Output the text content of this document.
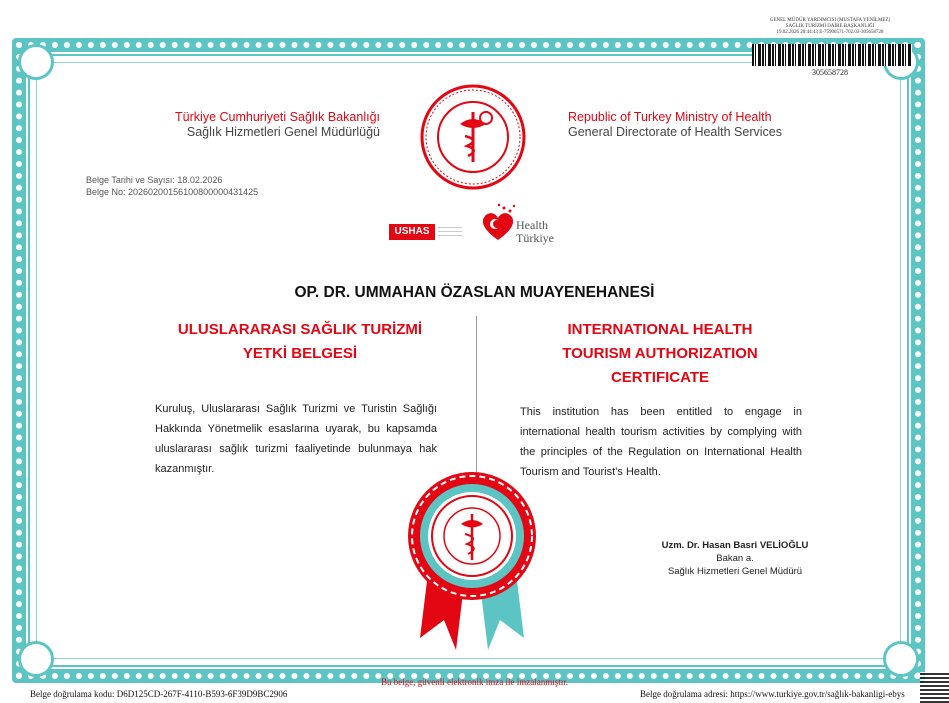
GENEL MÜDÜR YARDIMCISI (MUSTAFA YENİLMEZ)
SAĞLIK TURİZMİ DAİRE BAŞKANLIĞI
19.02.2026 20:44:43 E-75900571-702.03-305658728
305658728
Türkiye Cumhuriyeti Sağlık Bakanlığı
Sağlık Hizmetleri Genel Müdürlüğü
Republic of Turkey Ministry of Health
General Directorate of Health Services
Belge Tarihi ve Sayısı: 18.02.2026
Belge No: 20260200156100800000431425
USHAS	Health
Türkiye
OP. DR. UMMAHAN ÖZASLAN MUAYENEHANESİ
ULUSLARARASI SAĞLIK TURİZMİ
YETKİ BELGESİ
INTERNATIONAL HEALTH
TOURISM AUTHORIZATION
CERTIFICATE
Kuruluş, Uluslararası Sağlık Turizmi ve Turistin Sağlığı Hakkında Yönetmelik esaslarına uyarak, bu kapsamda uluslararası sağlık turizmi faaliyetinde bulunmaya hak kazanmıştır.
This institution has been entitled to engage in international health tourism activities by complying with the principles of the Regulation on International Health Tourism and Tourist’s Health.
Uzm. Dr. Hasan Basri VELİOĞLU
Bakan a.
Sağlık Hizmetleri Genel Müdürü
Bu belge, güvenli elektronik imza ile imzalanmıştır.
Belge doğrulama kodu: D6D125CD-267F-4110-B593-6F39D9BC2906	Belge doğrulama adresi: https://www.turkiye.gov.tr/sağlık-bakanligi-ebys
